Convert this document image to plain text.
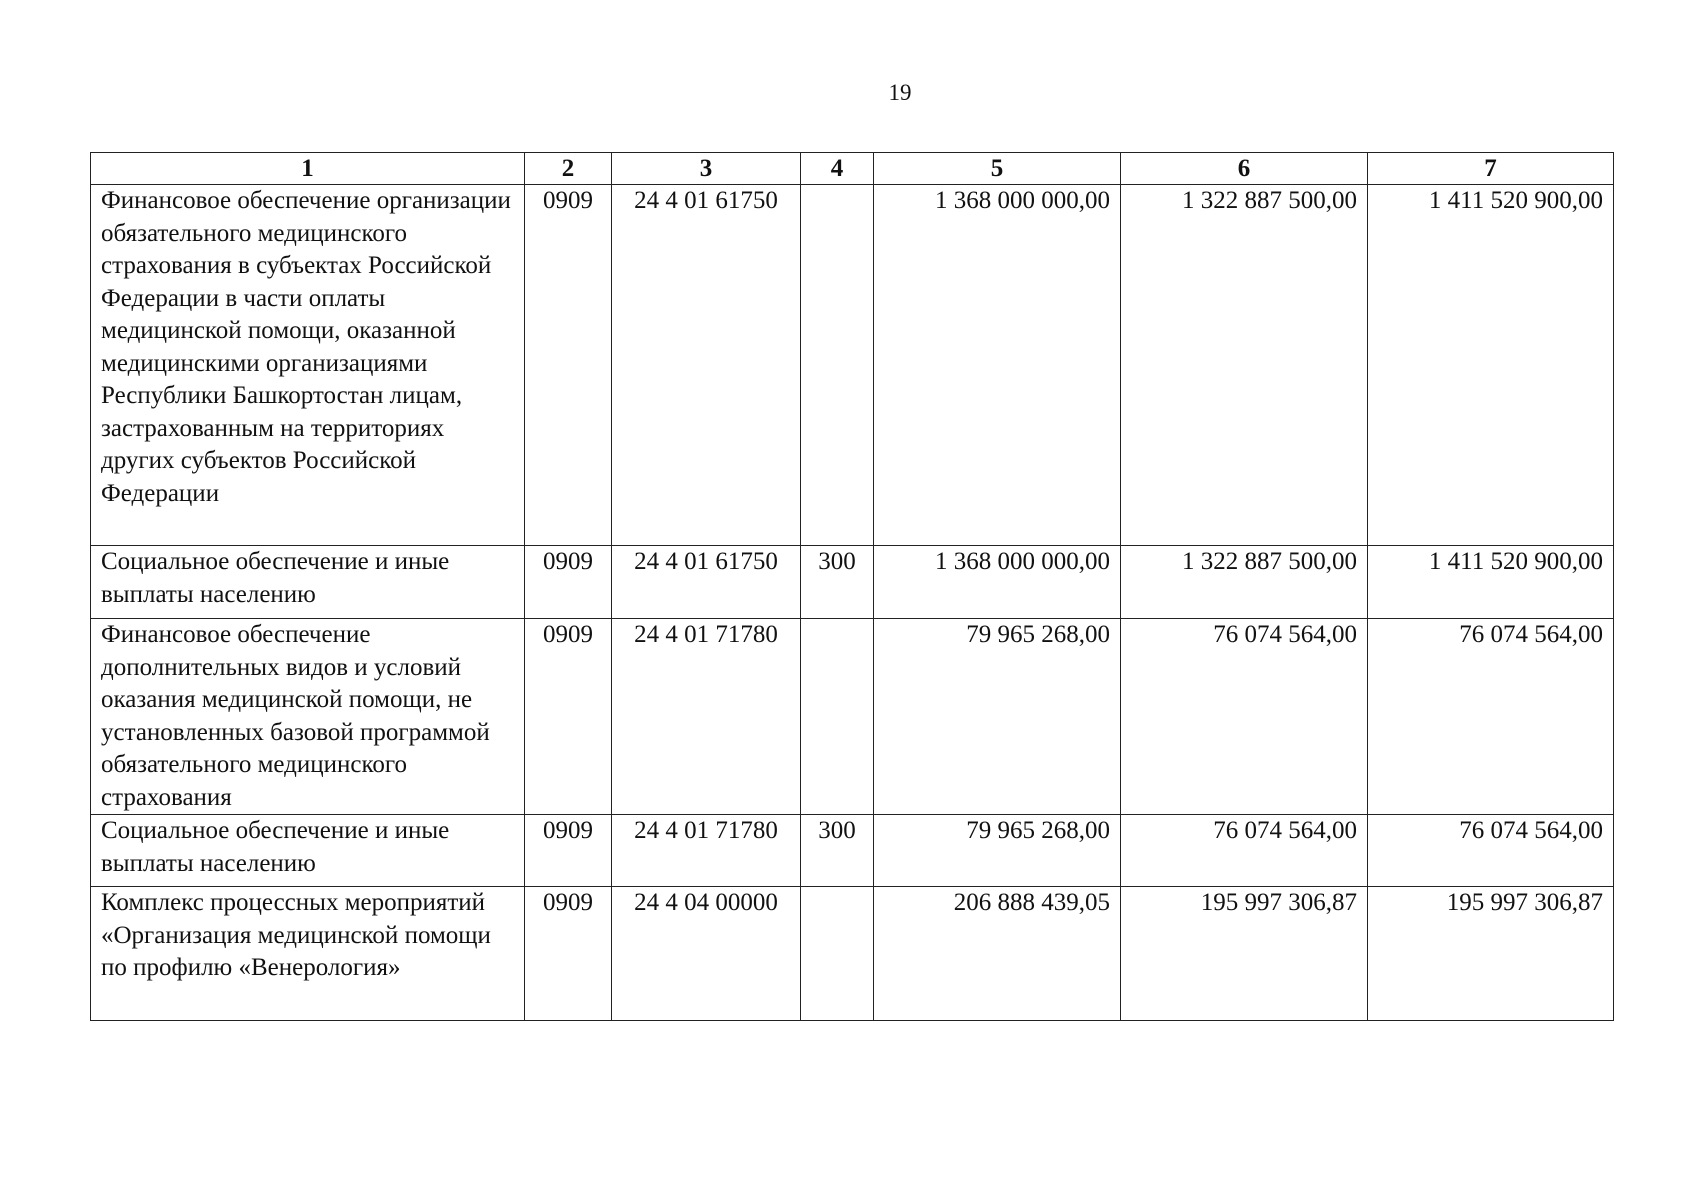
19
1	2	3	4	5	6	7
Финансовое обеспечение организации обязательного медицинского страхования в субъектах Российской Федерации в части оплаты медицинской помощи, оказанной медицинскими организациями Республики Башкортостан лицам, застрахованным на территориях других субъектов Российской Федерации	0909	24 4 01 61750		1 368 000 000,00	1 322 887 500,00	1 411 520 900,00
Социальное обеспечение и иные выплаты населению	0909	24 4 01 61750	300	1 368 000 000,00	1 322 887 500,00	1 411 520 900,00
Финансовое обеспечение дополнительных видов и условий оказания медицинской помощи, не установленных базовой программой обязательного медицинского страхования	0909	24 4 01 71780		79 965 268,00	76 074 564,00	76 074 564,00
Социальное обеспечение и иные выплаты населению	0909	24 4 01 71780	300	79 965 268,00	76 074 564,00	76 074 564,00
Комплекс процессных мероприятий «Организация медицинской помощи по профилю «Венерология»	0909	24 4 04 00000		206 888 439,05	195 997 306,87	195 997 306,87
